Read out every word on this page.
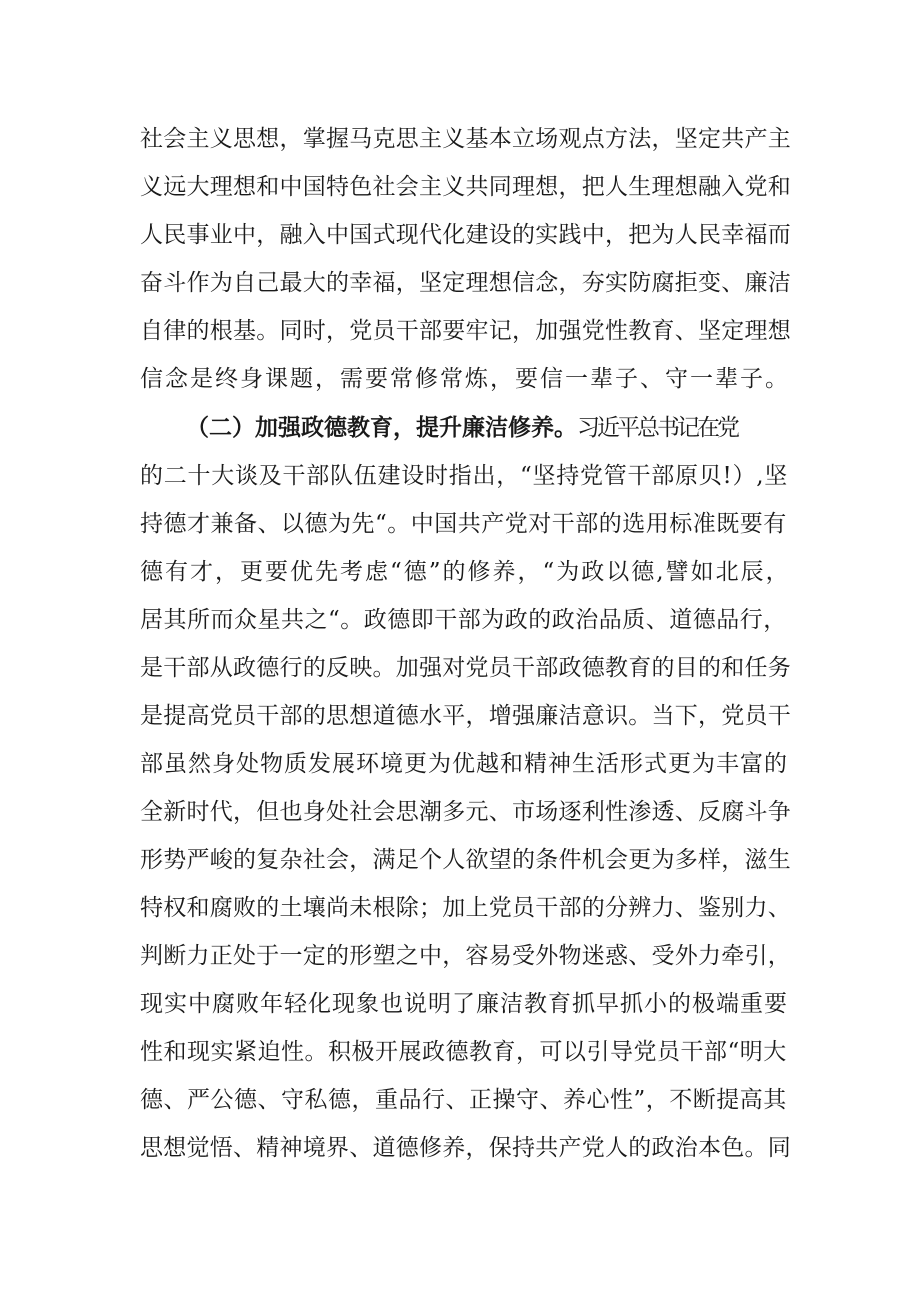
社会主义思想，掌握马克思主义基本立场观点方法，坚定共产主
义远大理想和中国特色社会主义共同理想，把人生理想融入党和
人民事业中，融入中国式现代化建设的实践中，把为人民幸福而
奋斗作为自己最大的幸福，坚定理想信念，夯实防腐拒变、廉洁
自律的根基。同时，党员干部要牢记，加强党性教育、坚定理想
信念是终身课题，需要常修常炼，要信一辈子、守一辈子。
（二）加强政德教育，提升廉洁修养。习近平总书记在党
的二十大谈及干部队伍建设时指出，“坚持党管干部原贝!）,坚
持德才兼备、以德为先“。中国共产党对干部的选用标准既要有
德有才，更要优先考虑“德”的修养，“为政以德,譬如北辰，
居其所而众星共之“。政德即干部为政的政治品质、道德品行，
是干部从政德行的反映。加强对党员干部政德教育的目的和任务
是提高党员干部的思想道德水平，增强廉洁意识。当下，党员干
部虽然身处物质发展环境更为优越和精神生活形式更为丰富的
全新时代，但也身处社会思潮多元、市场逐利性渗透、反腐斗争
形势严峻的复杂社会，满足个人欲望的条件机会更为多样，滋生
特权和腐败的土壤尚未根除；加上党员干部的分辨力、鉴别力、
判断力正处于一定的形塑之中，容易受外物迷惑、受外力牵引，
现实中腐败年轻化现象也说明了廉洁教育抓早抓小的极端重要
性和现实紧迫性。积极开展政德教育，可以引导党员干部“明大
德、严公德、守私德，重品行、正操守、养心性”，不断提高其
思想觉悟、精神境界、道德修养，保持共产党人的政治本色。同
